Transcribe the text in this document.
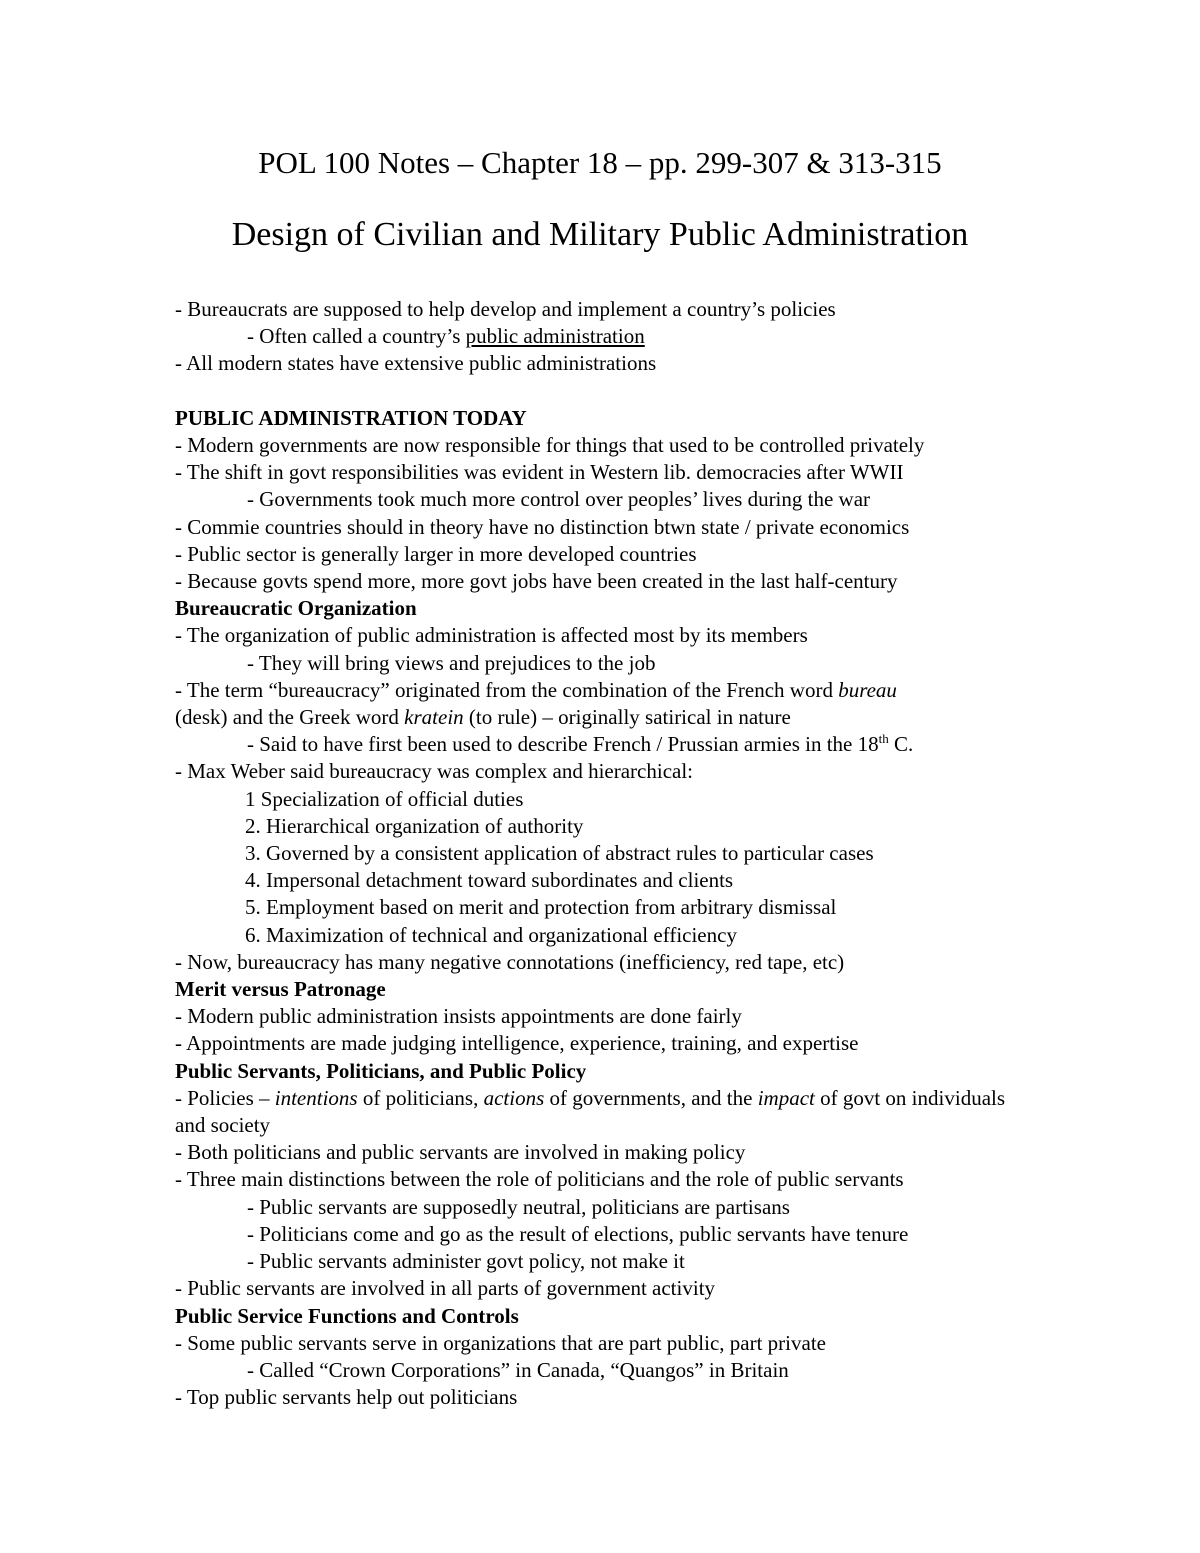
POL 100 Notes – Chapter 18 – pp. 299-307 & 313-315
Design of Civilian and Military Public Administration
- Bureaucrats are supposed to help develop and implement a country’s policies
- Often called a country’s public administration
- All modern states have extensive public administrations
PUBLIC ADMINISTRATION TODAY
- Modern governments are now responsible for things that used to be controlled privately
- The shift in govt responsibilities was evident in Western lib. democracies after WWII
- Governments took much more control over peoples’ lives during the war
- Commie countries should in theory have no distinction btwn state / private economics
- Public sector is generally larger in more developed countries
- Because govts spend more, more govt jobs have been created in the last half-century
Bureaucratic Organization
- The organization of public administration is affected most by its members
- They will bring views and prejudices to the job
- The term “bureaucracy” originated from the combination of the French word bureau
(desk) and the Greek word kratein (to rule) – originally satirical in nature
- Said to have first been used to describe French / Prussian armies in the 18th C.
- Max Weber said bureaucracy was complex and hierarchical:
1 Specialization of official duties
2. Hierarchical organization of authority
3. Governed by a consistent application of abstract rules to particular cases
4. Impersonal detachment toward subordinates and clients
5. Employment based on merit and protection from arbitrary dismissal
6. Maximization of technical and organizational efficiency
- Now, bureaucracy has many negative connotations (inefficiency, red tape, etc)
Merit versus Patronage
- Modern public administration insists appointments are done fairly
- Appointments are made judging intelligence, experience, training, and expertise
Public Servants, Politicians, and Public Policy
- Policies – intentions of politicians, actions of governments, and the impact of govt on individuals and society
- Both politicians and public servants are involved in making policy
- Three main distinctions between the role of politicians and the role of public servants
- Public servants are supposedly neutral, politicians are partisans
- Politicians come and go as the result of elections, public servants have tenure
- Public servants administer govt policy, not make it
- Public servants are involved in all parts of government activity
Public Service Functions and Controls
- Some public servants serve in organizations that are part public, part private
- Called “Crown Corporations” in Canada, “Quangos” in Britain
- Top public servants help out politicians
